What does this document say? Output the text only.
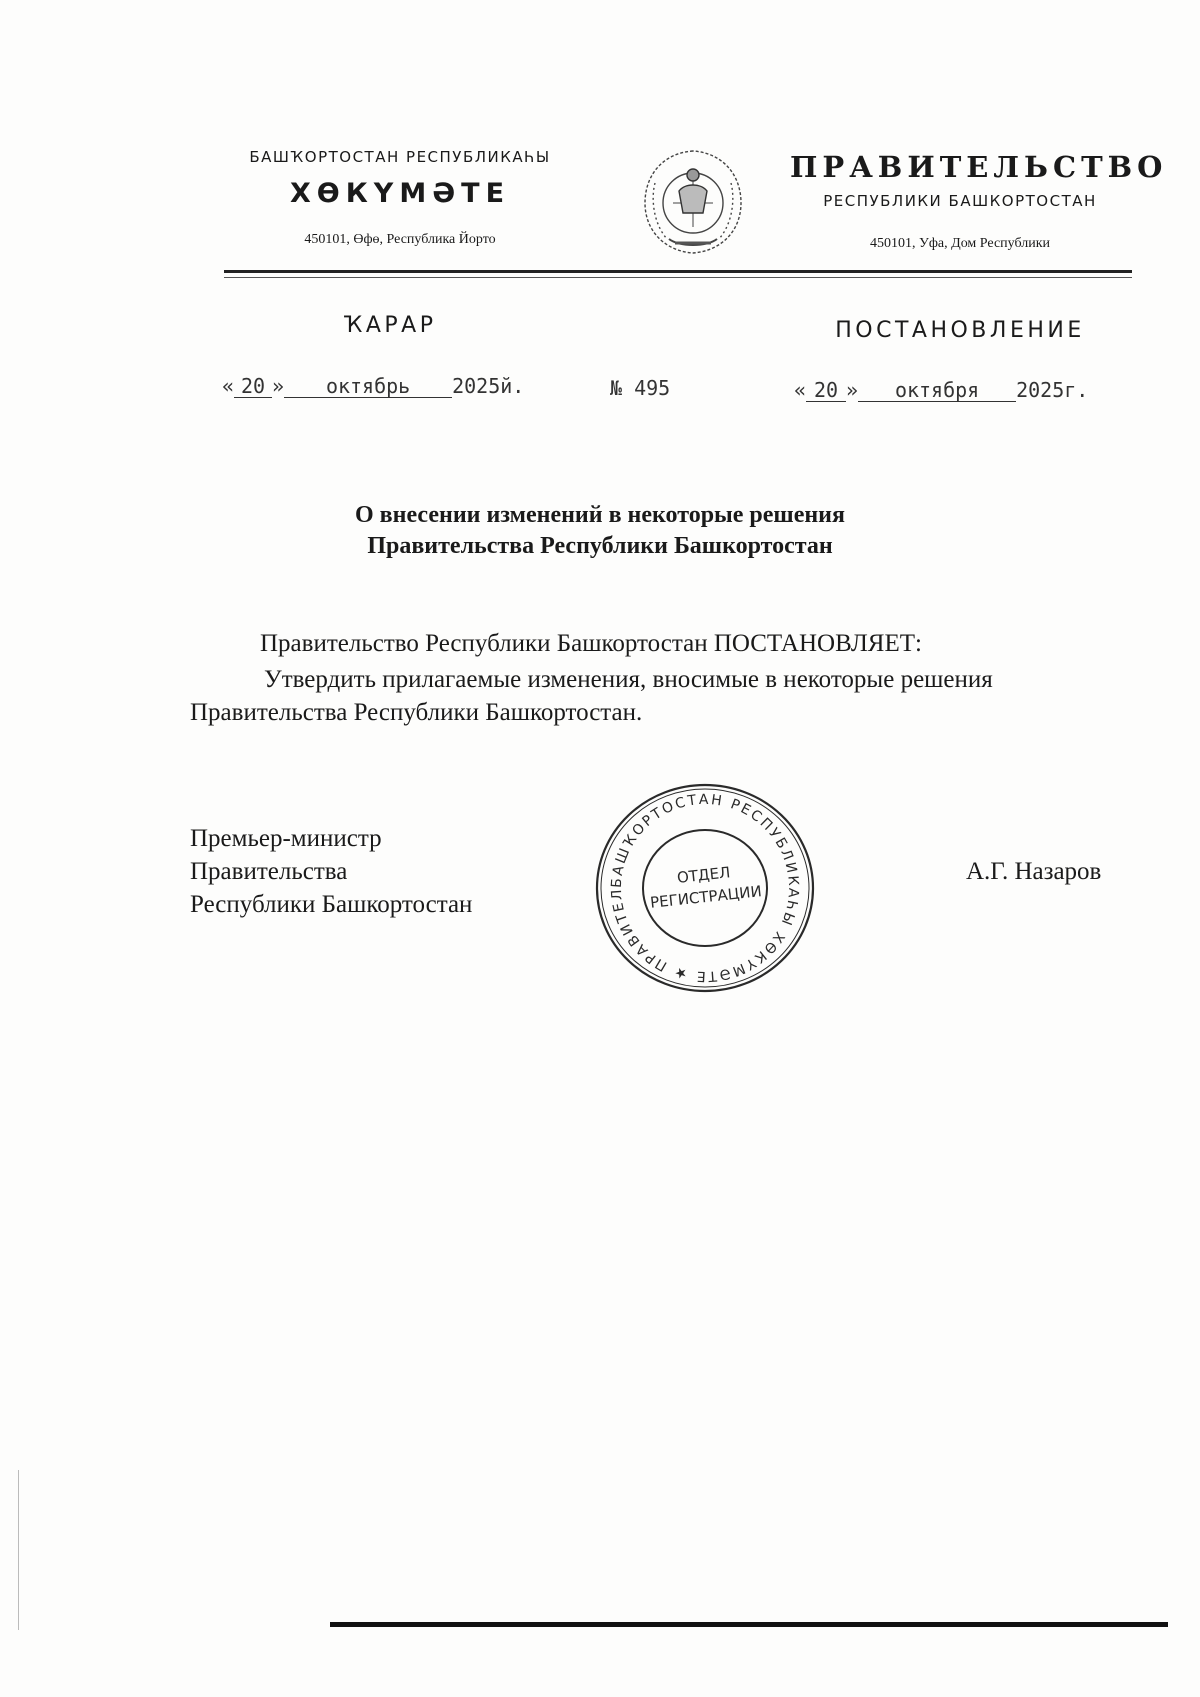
БАШҠОРТОСТАН РЕСПУБЛИКАҺЫ
ХӨКҮМӘТЕ
450101, Өфө, Республика Йорто
ПРАВИТЕЛЬСТВО
РЕСПУБЛИКИ БАШКОРТОСТАН
450101, Уфа, Дом Республики
ҠАРАР	ПОСТАНОВЛЕНИЕ
« 20 » октябрь 2025й.	№ 495	« 20 » октября 2025г.
О внесении изменений в некоторые решения
Правительства Республики Башкортостан
Правительство Республики Башкортостан ПОСТАНОВЛЯЕТ:
Утвердить прилагаемые изменения, вносимые в некоторые решения
Правительства Республики Башкортостан.
Премьер-министр
Правительства
Республики Башкортостан
А.Г. Назаров
БАШҠОРТОСТАН РЕСПУБЛИКАҺЫ ХӨКҮМӘТЕ ★ ПРАВИТЕЛ
ОТДЕЛ
РЕГИСТРАЦИИ
